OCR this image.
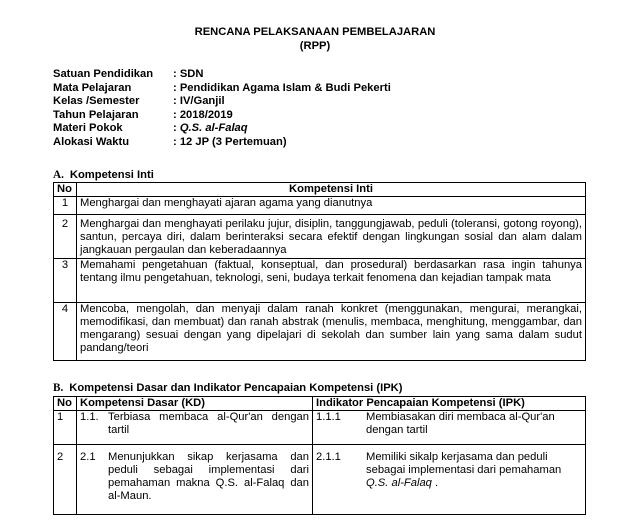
RENCANA PELAKSANAAN PEMBELAJARAN
(RPP)
Satuan Pendidikan	: SDN
Mata Pelajaran	: Pendidikan Agama Islam & Budi Pekerti
Kelas /Semester	: IV/Ganjil
Tahun Pelajaran	: 2018/2019
Materi Pokok	: Q.S. al-Falaq
Alokasi Waktu	: 12 JP (3 Pertemuan)
A. Kompetensi Inti
No	Kompetensi Inti
1	Menghargai dan menghayati ajaran agama yang dianutnya
2	Menghargai dan menghayati perilaku jujur, disiplin, tanggungjawab, peduli (toleransi, gotong royong), santun, percaya diri, dalam berinteraksi secara efektif dengan lingkungan sosial dan alam dalam jangkauan pergaulan dan keberadaannya
3	Memahami pengetahuan (faktual, konseptual, dan prosedural) berdasarkan rasa ingin tahunya tentang ilmu pengetahuan, teknologi, seni, budaya terkait fenomena dan kejadian tampak mata
4	Mencoba, mengolah, dan menyaji dalam ranah konkret (menggunakan, mengurai, merangkai, memodifikasi, dan membuat) dan ranah abstrak (menulis, membaca, menghitung, menggambar, dan mengarang) sesuai dengan yang dipelajari di sekolah dan sumber lain yang sama dalam sudut pandang/teori
B. Kompetensi Dasar dan Indikator Pencapaian Kompetensi (IPK)
No	Kompetensi Dasar (KD)	Indikator Pencapaian Kompetensi (IPK)
1	1.1. Terbiasa membaca al-Qur'an dengan tartil	1.1.1 Membiasakan diri membaca al-Qur'an dengan tartil

2	2.1 Menunjukkan sikap kerjasama dan peduli sebagai implementasi dari pemahaman makna Q.S. al-Falaq dan al-Maun.	2.1.1 Memiliki sikalp kerjasama dan peduli sebagai implementasi dari pemahaman Q.S. al-Falaq .
